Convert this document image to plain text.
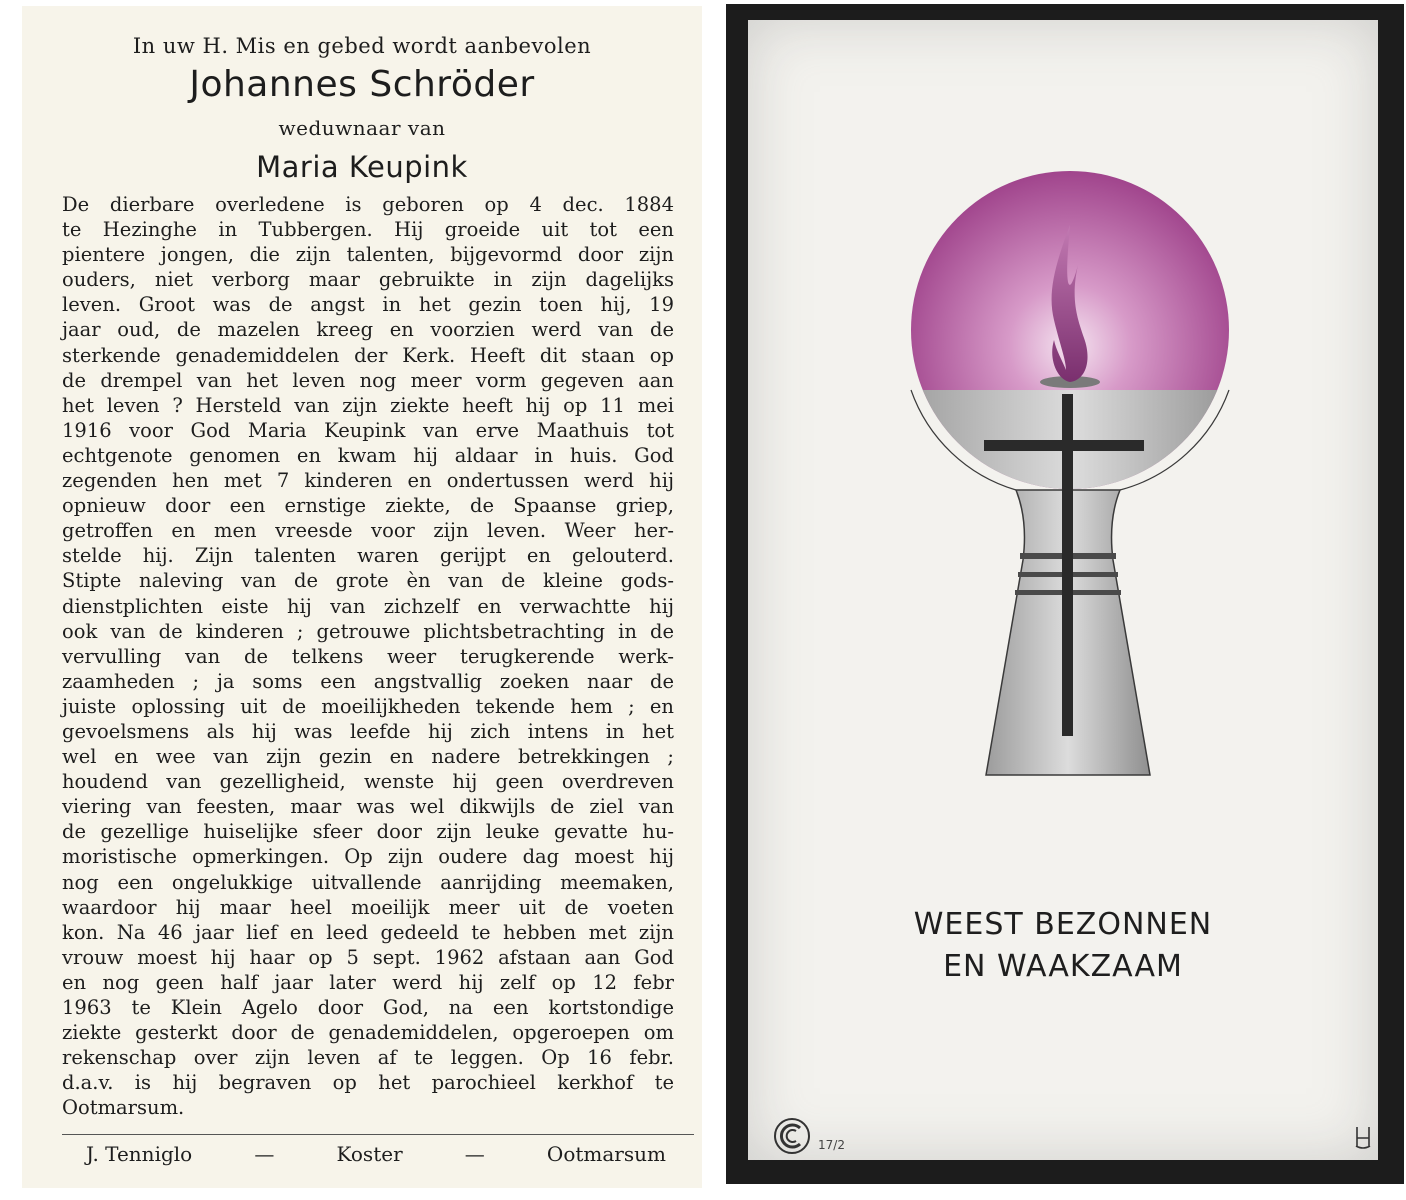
In uw H. Mis en gebed wordt aanbevolen
Johannes Schröder
weduwnaar van
Maria Keupink
De dierbare overledene is geboren op 4 dec. 1884
te Hezinghe in Tubbergen. Hij groeide uit tot een
pientere jongen, die zijn talenten, bijgevormd door zijn
ouders, niet verborg maar gebruikte in zijn dagelijks
leven. Groot was de angst in het gezin toen hij, 19
jaar oud, de mazelen kreeg en voorzien werd van de
sterkende genademiddelen der Kerk. Heeft dit staan op
de drempel van het leven nog meer vorm gegeven aan
het leven ? Hersteld van zijn ziekte heeft hij op 11 mei
1916 voor God Maria Keupink van erve Maathuis tot
echtgenote genomen en kwam hij aldaar in huis. God
zegenden hen met 7 kinderen en ondertussen werd hij
opnieuw door een ernstige ziekte, de Spaanse griep,
getroffen en men vreesde voor zijn leven. Weer her-
stelde hij. Zijn talenten waren gerijpt en gelouterd.
Stipte naleving van de grote èn van de kleine gods-
dienstplichten eiste hij van zichzelf en verwachtte hij
ook van de kinderen ; getrouwe plichtsbetrachting in de
vervulling van de telkens weer terugkerende werk-
zaamheden ; ja soms een angstvallig zoeken naar de
juiste oplossing uit de moeilijkheden tekende hem ; en
gevoelsmens als hij was leefde hij zich intens in het
wel en wee van zijn gezin en nadere betrekkingen ;
houdend van gezelligheid, wenste hij geen overdreven
viering van feesten, maar was wel dikwijls de ziel van
de gezellige huiselijke sfeer door zijn leuke gevatte hu-
moristische opmerkingen. Op zijn oudere dag moest hij
nog een ongelukkige uitvallende aanrijding meemaken,
waardoor hij maar heel moeilijk meer uit de voeten
kon. Na 46 jaar lief en leed gedeeld te hebben met zijn
vrouw moest hij haar op 5 sept. 1962 afstaan aan God
en nog geen half jaar later werd hij zelf op 12 febr
1963 te Klein Agelo door God, na een kortstondige
ziekte gesterkt door de genademiddelen, opgeroepen om
rekenschap over zijn leven af te leggen. Op 16 febr.
d.a.v. is hij begraven op het parochieel kerkhof te
Ootmarsum.
J. Tenniglo	—	Koster	—	Ootmarsum
WEEST BEZONNEN
EN WAAKZAAM
17/2
